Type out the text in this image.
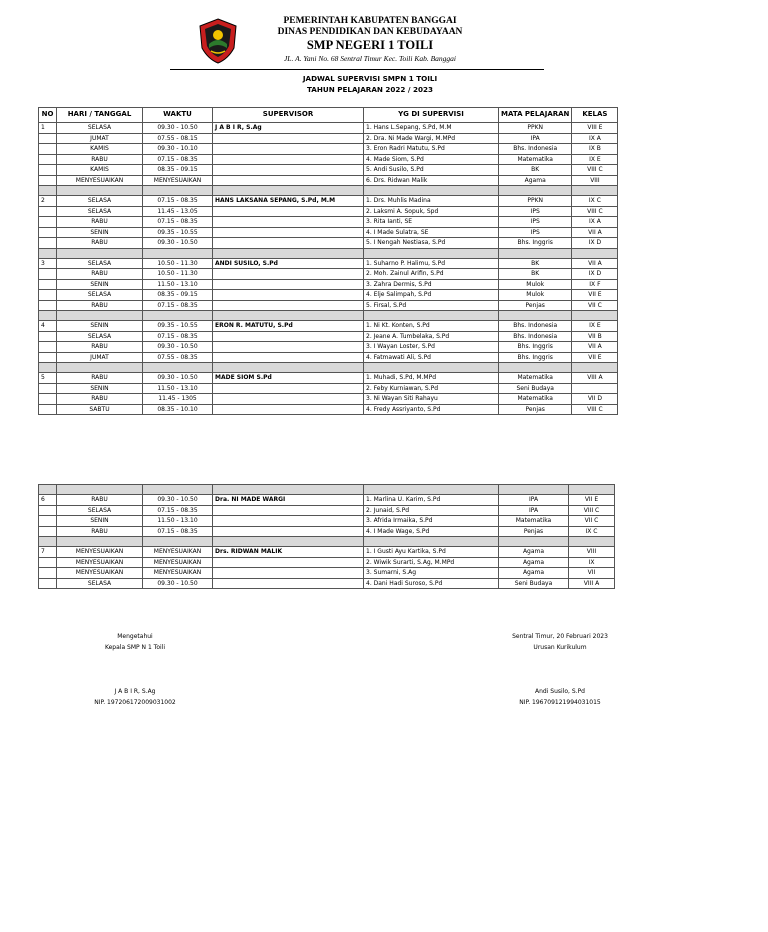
PEMERINTAH KABUPATEN BANGGAI
DINAS PENDIDIKAN DAN KEBUDAYAAN
SMP NEGERI 1 TOILI
JL. A. Yani No. 68 Sentral Timur Kec. Toili Kab. Banggai
JADWAL SUPERVISI SMPN 1 TOILI
TAHUN PELAJARAN 2022 / 2023
NO	HARI / TANGGAL	WAKTU	SUPERVISOR	YG DI SUPERVISI	MATA PELAJARAN	KELAS
1	SELASA	09.30 - 10.50	J A B I R, S.Ag	1. Hans L.Sepang, S.Pd, M.M	PPKN	VIII E
	JUMAT	07.55 - 08.15		2. Dra. Ni Made Wargi, M.MPd	IPA	IX A
	KAMIS	09.30 - 10.10		3. Eron Radri Matutu, S.Pd	Bhs. Indonesia	IX B
	RABU	07.15 - 08.35		4. Made Siom, S.Pd	Matematika	IX E
	KAMIS	08.35 - 09.15		5. Andi Susilo, S.Pd	BK	VIII C
	MENYESUAIKAN	MENYESUAIKAN		6. Drs. Ridwan Malik	Agama	VIII

2	SELASA	07.15 - 08.35	HANS LAKSANA SEPANG, S.Pd, M.M	1. Drs. Muhlis Madina	PPKN	IX C
	SELASA	11.45 - 13.05		2. Laksmi A. Sopuk, Spd	IPS	VIII C
	RABU	07.15 - 08.35		3. Rita Ianti, SE	IPS	IX A
	SENIN	09.35 - 10.55		4. I Made Sulatra, SE	IPS	VII A
	RABU	09.30 - 10.50		5. I Nengah Nestiasa, S.Pd	Bhs. Inggris	IX D

3	SELASA	10.50 - 11.30	ANDI SUSILO, S.Pd	1. Suharno P. Halimu, S.Pd	BK	VII A
	RABU	10.50 - 11.30		2. Moh. Zainul Arifin, S.Pd	BK	IX D
	SENIN	11.50 - 13.10		3. Zahra Dermis, S.Pd	Mulok	IX F
	SELASA	08.35 - 09.15		4. Elje Salimpah, S.Pd	Mulok	VII E
	RABU	07.15 - 08.35		5. Firsal, S.Pd	Penjas	VII C

4	SENIN	09.35 - 10.55	ERON R. MATUTU, S.Pd	1. Ni Kt. Konten, S.Pd	Bhs. Indonesia	IX E
	SELASA	07.15 - 08.35		2. Jeane A. Tumbelaka, S.Pd	Bhs. Indonesia	VII B
	RABU	09.30 - 10.50		3. I Wayan Loster, S.Pd	Bhs. Inggris	VII A
	JUMAT	07.55 - 08.35		4. Fatmawati Ali, S.Pd	Bhs. Inggris	VII E

5	RABU	09.30 - 10.50	MADE SIOM S.Pd	1. Muhadi, S.Pd, M.MPd	Matematika	VIII A
	SENIN	11.50 - 13.10		2. Feby Kurniawan, S.Pd	Seni Budaya	
	RABU	11.45 - 1305		3. Ni Wayan Siti Rahayu	Matematika	VII D
	SABTU	08.35 - 10.10		4. Fredy Assriyanto, S.Pd	Penjas	VIII C

6	RABU	09.30 - 10.50	Dra. NI MADE WARGI	1. Marlina U. Karim, S.Pd	IPA	VII E
	SELASA	07.15 - 08.35		2. Junaid, S.Pd	IPA	VIII C
	SENIN	11.50 - 13.10		3. Afrida Irmaika, S.Pd	Matematika	VII C
	RABU	07.15 - 08.35		4. I Made Wage, S.Pd	Penjas	IX C

7	MENYESUAIKAN	MENYESUAIKAN	Drs. RIDWAN MALIK	1. I Gusti Ayu Kartika, S.Pd	Agama	VIII
	MENYESUAIKAN	MENYESUAIKAN		2. Wiwik Surarti, S.Ag, M.MPd	Agama	IX
	MENYESUAIKAN	MENYESUAIKAN		3. Sumarni, S.Ag	Agama	VII
	SELASA	09.30 - 10.50		4. Dani Hadi Suroso, S.Pd	Seni Budaya	VIII A
Mengetahui
Kepala SMP N 1 Toili
J A B I R, S.Ag
NIP. 197206172009031002
Sentral Timur, 20 Februari 2023
Urusan Kurikulum
Andi Susilo, S.Pd
NIP. 196709121994031015
